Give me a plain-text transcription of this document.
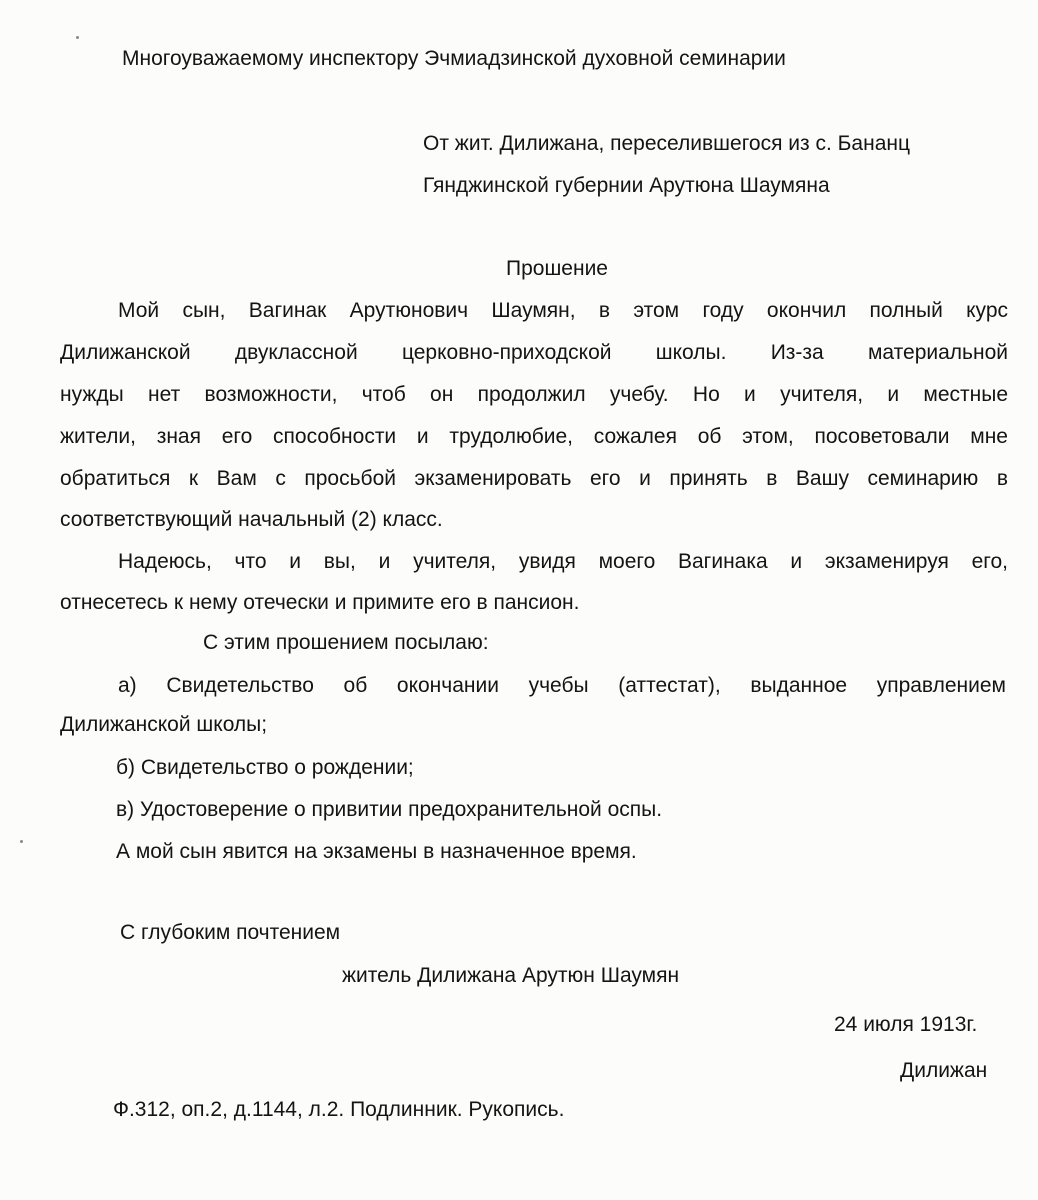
Многоуважаемому инспектору Эчмиадзинской духовной семинарии
От жит. Дилижана, переселившегося из с. Бананц
Гянджинской губернии Арутюна Шаумяна
Прошение
Мой сын, Вагинак Арутюнович Шаумян, в этом году окончил полный курс
Дилижанской двуклассной церковно-приходской школы. Из-за материальной
нужды нет возможности, чтоб он продолжил учебу. Но и учителя, и местные
жители, зная его способности и трудолюбие, сожалея об этом, посоветовали мне
обратиться к Вам с просьбой экзаменировать его и принять в Вашу семинарию в
соответствующий начальный (2) класс.
Надеюсь, что и вы, и учителя, увидя моего Вагинака и экзаменируя его,
отнесетесь к нему отечески и примите его в пансион.
С этим прошением посылаю:
а) Свидетельство об окончании учебы (аттестат), выданное управлением
Дилижанской школы;
б) Свидетельство о рождении;
в) Удостоверение о привитии предохранительной оспы.
А мой сын явится на экзамены в назначенное время.
С глубоким почтением
житель Дилижана Арутюн Шаумян
24 июля 1913г.
Дилижан
Ф.312, оп.2, д.1144, л.2. Подлинник. Рукопись.
